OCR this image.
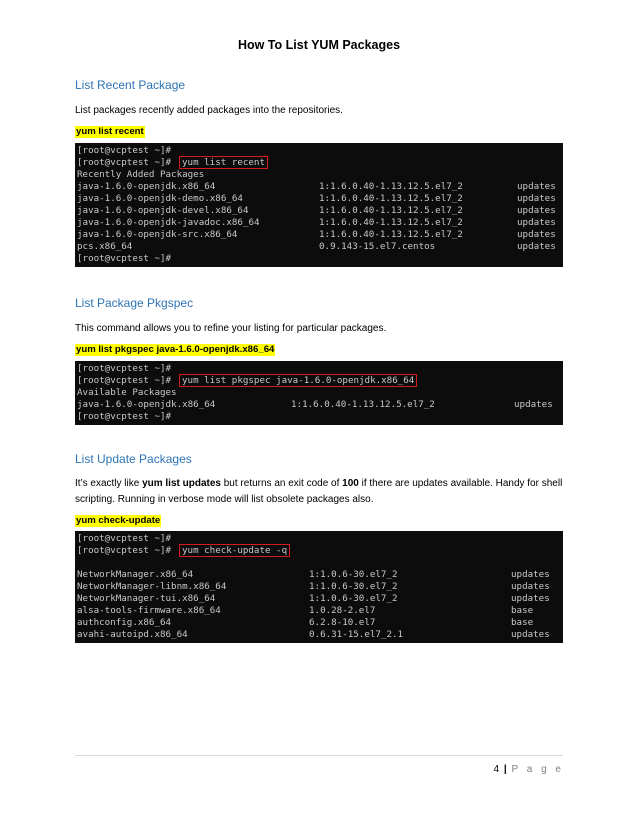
How To List YUM Packages
List Recent Package
List packages recently added packages into the repositories.
yum list recent
[root@vcptest ~]#
[root@vcptest ~]#	yum list recent
Recently Added Packages
java-1.6.0-openjdk.x86_64	1:1.6.0.40-1.13.12.5.el7_2	updates
java-1.6.0-openjdk-demo.x86_64	1:1.6.0.40-1.13.12.5.el7_2	updates
java-1.6.0-openjdk-devel.x86_64	1:1.6.0.40-1.13.12.5.el7_2	updates
java-1.6.0-openjdk-javadoc.x86_64	1:1.6.0.40-1.13.12.5.el7_2	updates
java-1.6.0-openjdk-src.x86_64	1:1.6.0.40-1.13.12.5.el7_2	updates
pcs.x86_64	0.9.143-15.el7.centos	updates
[root@vcptest ~]#
List Package Pkgspec
This command allows you to refine your listing for particular packages.
yum list pkgspec java-1.6.0-openjdk.x86_64
[root@vcptest ~]#
[root@vcptest ~]#	yum list pkgspec java-1.6.0-openjdk.x86_64
Available Packages
java-1.6.0-openjdk.x86_64	1:1.6.0.40-1.13.12.5.el7_2	updates
[root@vcptest ~]#
List Update Packages
It’s exactly like yum list updates but returns an exit code of 100 if there are updates available. Handy for shell scripting. Running in verbose mode will list obsolete packages also.
yum check-update
[root@vcptest ~]#
[root@vcptest ~]#	yum check-update -q
NetworkManager.x86_64	1:1.0.6-30.el7_2	updates
NetworkManager-libnm.x86_64	1:1.0.6-30.el7_2	updates
NetworkManager-tui.x86_64	1:1.0.6-30.el7_2	updates
alsa-tools-firmware.x86_64	1.0.28-2.el7	base
authconfig.x86_64	6.2.8-10.el7	base
avahi-autoipd.x86_64	0.6.31-15.el7_2.1	updates
4 | P a g e
